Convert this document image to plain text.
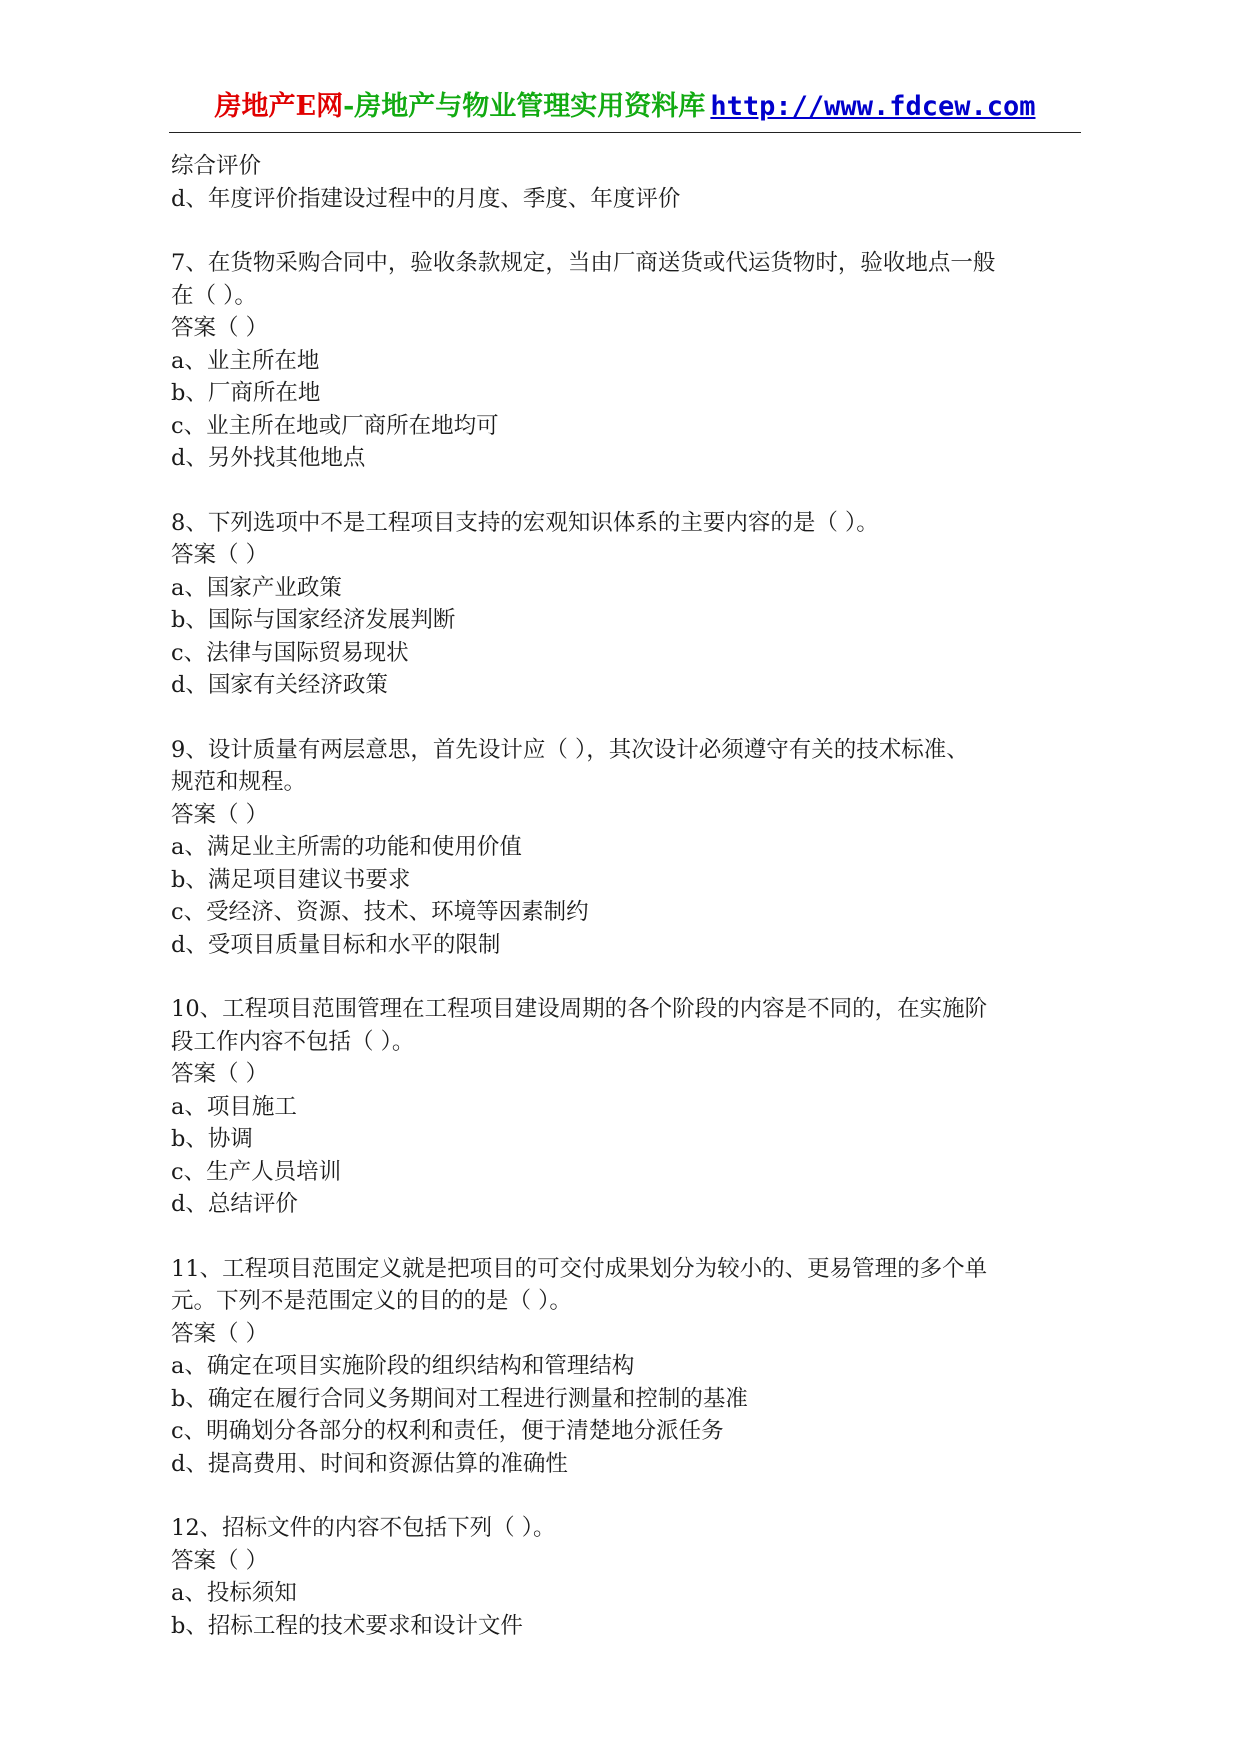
房地产E网-房地产与物业管理实用资料库 http://www.fdcew.com

综合评价

d、年度评价指建设过程中的月度、季度、年度评价

7、在货物采购合同中，验收条款规定，当由厂商送货或代运货物时，验收地点一般

在（ ）。

答案（ ）

a、业主所在地

b、厂商所在地

c、业主所在地或厂商所在地均可

d、另外找其他地点

8、下列选项中不是工程项目支持的宏观知识体系的主要内容的是（ ）。

答案（ ）

a、国家产业政策

b、国际与国家经济发展判断

c、法律与国际贸易现状

d、国家有关经济政策

9、设计质量有两层意思，首先设计应（ ），其次设计必须遵守有关的技术标准、

规范和规程。

答案（ ）

a、满足业主所需的功能和使用价值

b、满足项目建议书要求

c、受经济、资源、技术、环境等因素制约

d、受项目质量目标和水平的限制

10、工程项目范围管理在工程项目建设周期的各个阶段的内容是不同的，在实施阶

段工作内容不包括（ ）。

答案（ ）

a、项目施工

b、协调

c、生产人员培训

d、总结评价

11、工程项目范围定义就是把项目的可交付成果划分为较小的、更易管理的多个单

元。下列不是范围定义的目的的是（ ）。

答案（ ）

a、确定在项目实施阶段的组织结构和管理结构

b、确定在履行合同义务期间对工程进行测量和控制的基准

c、明确划分各部分的权利和责任，便于清楚地分派任务

d、提高费用、时间和资源估算的准确性

12、招标文件的内容不包括下列（ ）。

答案（ ）

a、投标须知

b、招标工程的技术要求和设计文件
